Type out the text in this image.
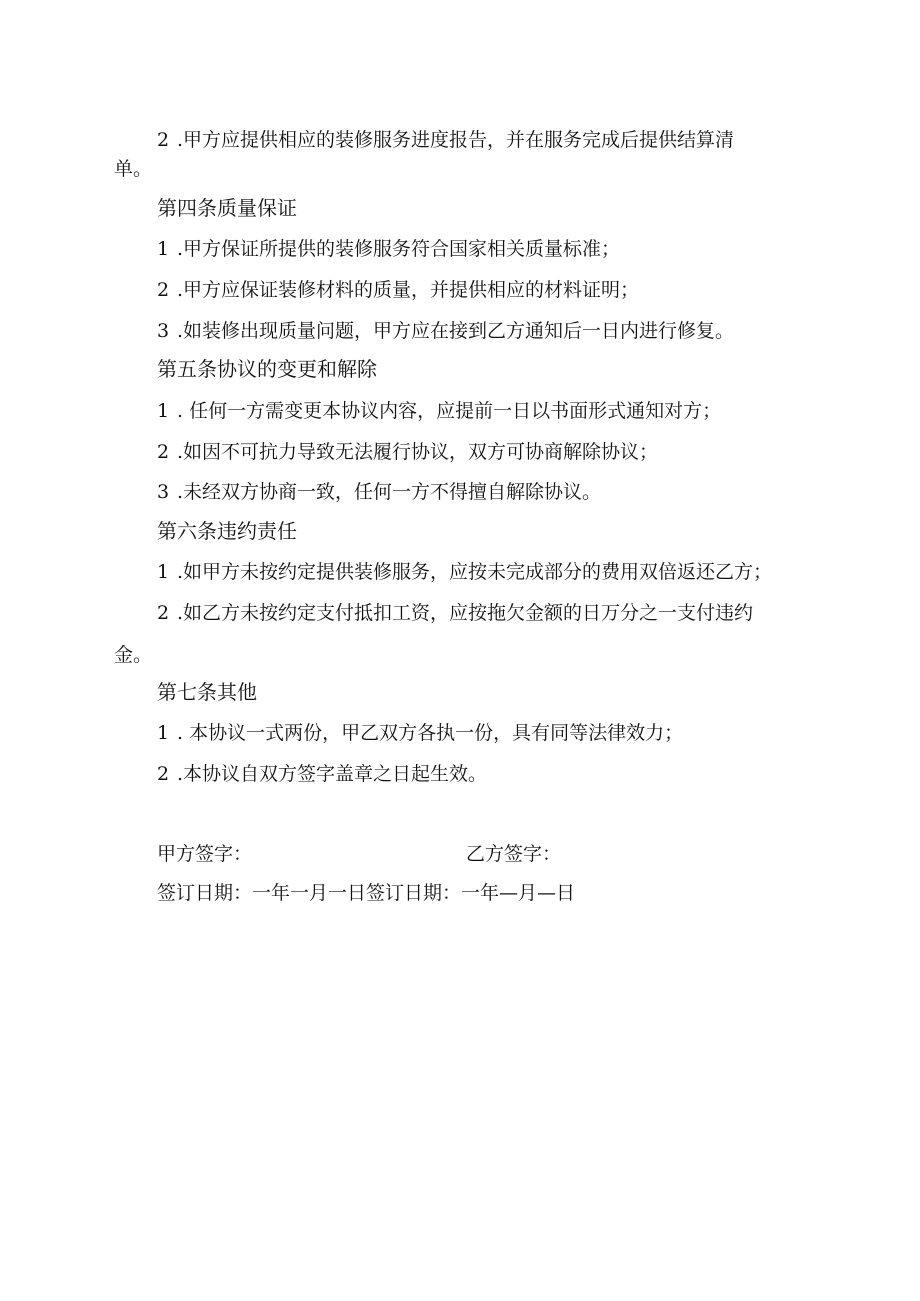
2 .甲方应提供相应的装修服务进度报告，并在服务完成后提供结算清
单。
第四条质量保证
1 .甲方保证所提供的装修服务符合国家相关质量标准；
2 .甲方应保证装修材料的质量，并提供相应的材料证明；
3 .如装修出现质量问题，甲方应在接到乙方通知后一日内进行修复。
第五条协议的变更和解除
1 . 任何一方需变更本协议内容，应提前一日以书面形式通知对方；
2 .如因不可抗力导致无法履行协议，双方可协商解除协议；
3 .未经双方协商一致，任何一方不得擅自解除协议。
第六条违约责任
1 .如甲方未按约定提供装修服务，应按未完成部分的费用双倍返还乙方；
2 .如乙方未按约定支付抵扣工资，应按拖欠金额的日万分之一支付违约
金。
第七条其他
1 . 本协议一式两份，甲乙双方各执一份，具有同等法律效力；
2 .本协议自双方签字盖章之日起生效。
甲方签字：	乙方签字：
签订日期：一年一月一日签订日期：一年—月—日
